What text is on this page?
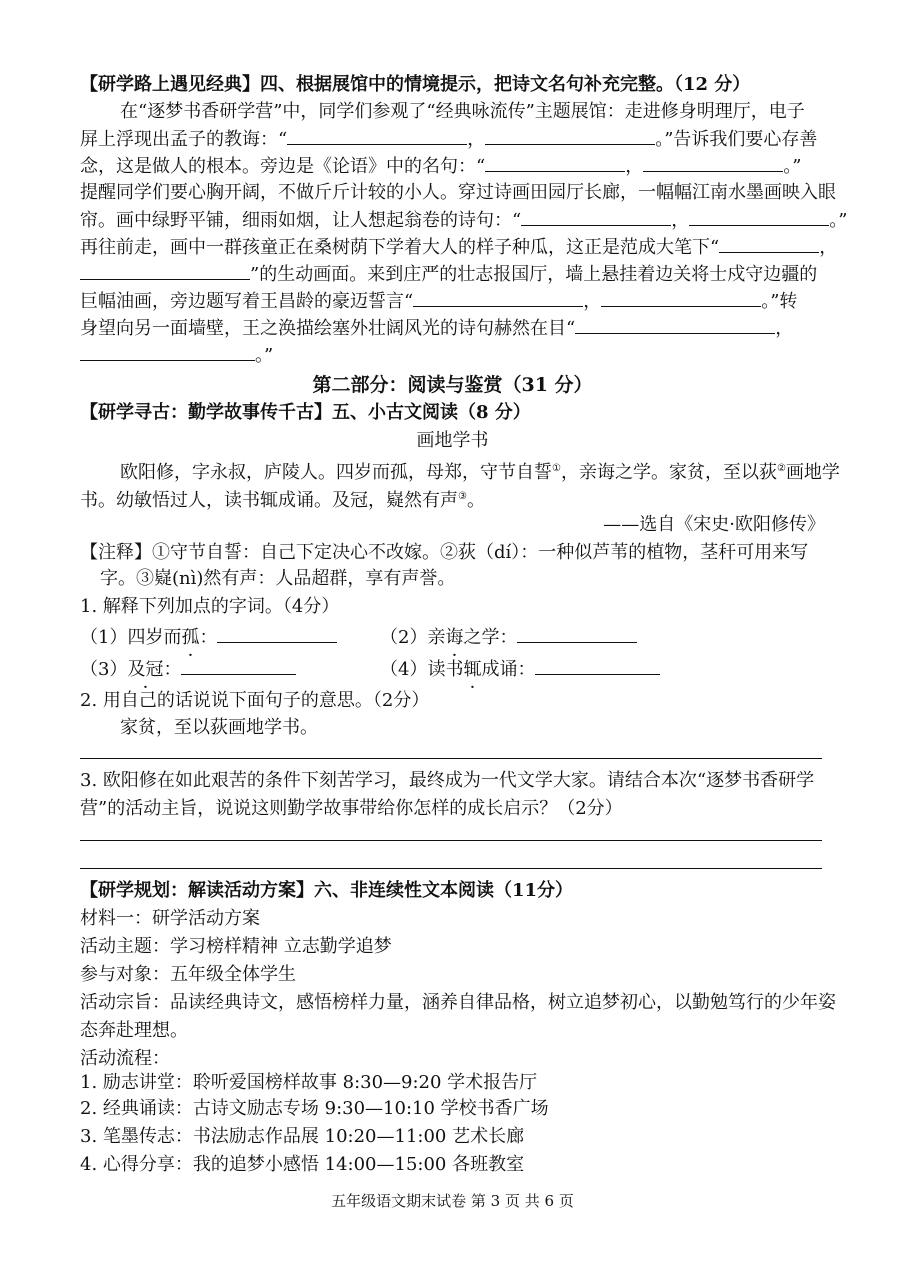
【研学路上遇见经典】四、根据展馆中的情境提示，把诗文名句补充完整。（12 分）
在“逐梦书香研学营”中，同学们参观了“经典咏流传”主题展馆：走进修身明理厅，电子
屏上浮现出孟子的教诲：“	，	。”告诉我们要心存善
念，这是做人的根本。旁边是《论语》中的名句：“	，	。”
提醒同学们要心胸开阔，不做斤斤计较的小人。穿过诗画田园厅长廊，一幅幅江南水墨画映入眼
帘。画中绿野平铺，细雨如烟，让人想起翁卷的诗句：“	，	。”
再往前走，画中一群孩童正在桑树荫下学着大人的样子种瓜，这正是范成大笔下“	，
”的生动画面。来到庄严的壮志报国厅，墙上悬挂着边关将士戍守边疆的
巨幅油画，旁边题写着王昌龄的豪迈誓言“	，	。”转
身望向另一面墙壁，王之涣描绘塞外壮阔风光的诗句赫然在目“	，
。”
第二部分：阅读与鉴赏（31 分）
【研学寻古：勤学故事传千古】五、小古文阅读（8 分）
画地学书
欧阳修，字永叔，庐陵人。四岁而孤，母郑，守节自誓①，亲诲之学。家贫，至以荻②画地学
书。幼敏悟过人，读书辄成诵。及冠，嶷然有声③。
——选自《宋史·欧阳修传》
【注释】①守节自誓：自己下定决心不改嫁。②荻（dí）：一种似芦苇的植物，茎秆可用来写
字。③嶷(nì)然有声：人品超群，享有声誉。
1. 解释下列加点的字词。（4分）
（1）四岁而孤：	（2）亲诲之学：
（3）及冠：	（4）读书辄成诵：
2. 用自己的话说说下面句子的意思。（2分）
家贫，至以荻画地学书。
3. 欧阳修在如此艰苦的条件下刻苦学习，最终成为一代文学大家。请结合本次“逐梦书香研学
营”的活动主旨，说说这则勤学故事带给你怎样的成长启示？（2分）
【研学规划：解读活动方案】六、非连续性文本阅读（11分）
材料一：研学活动方案
活动主题：学习榜样精神 立志勤学追梦
参与对象：五年级全体学生
活动宗旨：品读经典诗文，感悟榜样力量，涵养自律品格，树立追梦初心，以勤勉笃行的少年姿
态奔赴理想。
活动流程：
1. 励志讲堂：聆听爱国榜样故事 8:30—9:20 学术报告厅
2. 经典诵读：古诗文励志专场 9:30—10:10 学校书香广场
3. 笔墨传志：书法励志作品展 10:20—11:00 艺术长廊
4. 心得分享：我的追梦小感悟 14:00—15:00 各班教室
五年级语文期末试卷 第 3 页 共 6 页
